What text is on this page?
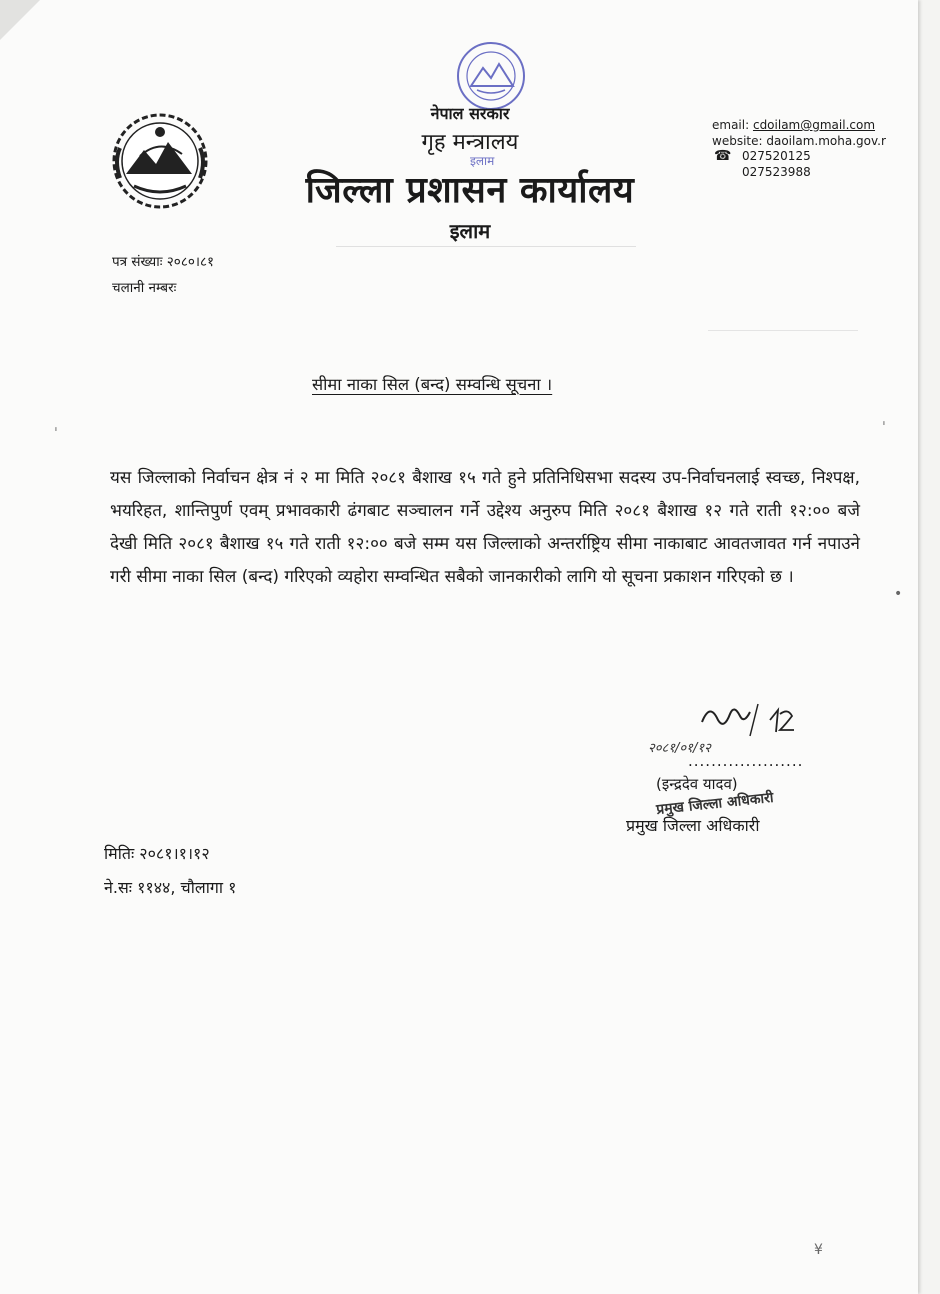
नेपाल सरकार
गृह मन्त्रालय
इलाम
जिल्ला प्रशासन कार्यालय
इलाम
email: cdoilam@gmail.com
website: daoilam.moha.gov.r
☎ 027520125
027523988
पत्र संख्याः २०८०।८१
चलानी नम्बरः
सीमा नाका सिल (बन्द) सम्वन्धि सूचना ।
ˈ	ˈ
•
यस जिल्लाको निर्वाचन क्षेत्र नं २ मा मिति २०८१ बैशाख १५ गते हुने प्रतिनिधिसभा सदस्य उप-निर्वाचनलाई स्वच्छ, निश्पक्ष, भयरिहत, शान्तिपुर्ण एवम् प्रभावकारी ढंगबाट सञ्चालन गर्ने उद्देश्य अनुरुप मिति २०८१ बैशाख १२ गते राती १२:०० बजे देखी मिति २०८१ बैशाख १५ गते राती १२:०० बजे सम्म यस जिल्लाको अन्तर्राष्ट्रिय सीमा नाकाबाट आवतजावत गर्न नपाउने गरी सीमा नाका सिल (बन्द) गरिएको व्यहोरा सम्वन्धित सबैको जानकारीको लागि यो सूचना प्रकाशन गरिएको छ ।
२०८१/०१/१२
....................
(इन्द्रदेव यादव)
प्रमुख जिल्ला अधिकारी
प्रमुख जिल्ला अधिकारी
मितिः २०८१।१।१२
ने.सः ११४४, चौलागा १
¥
